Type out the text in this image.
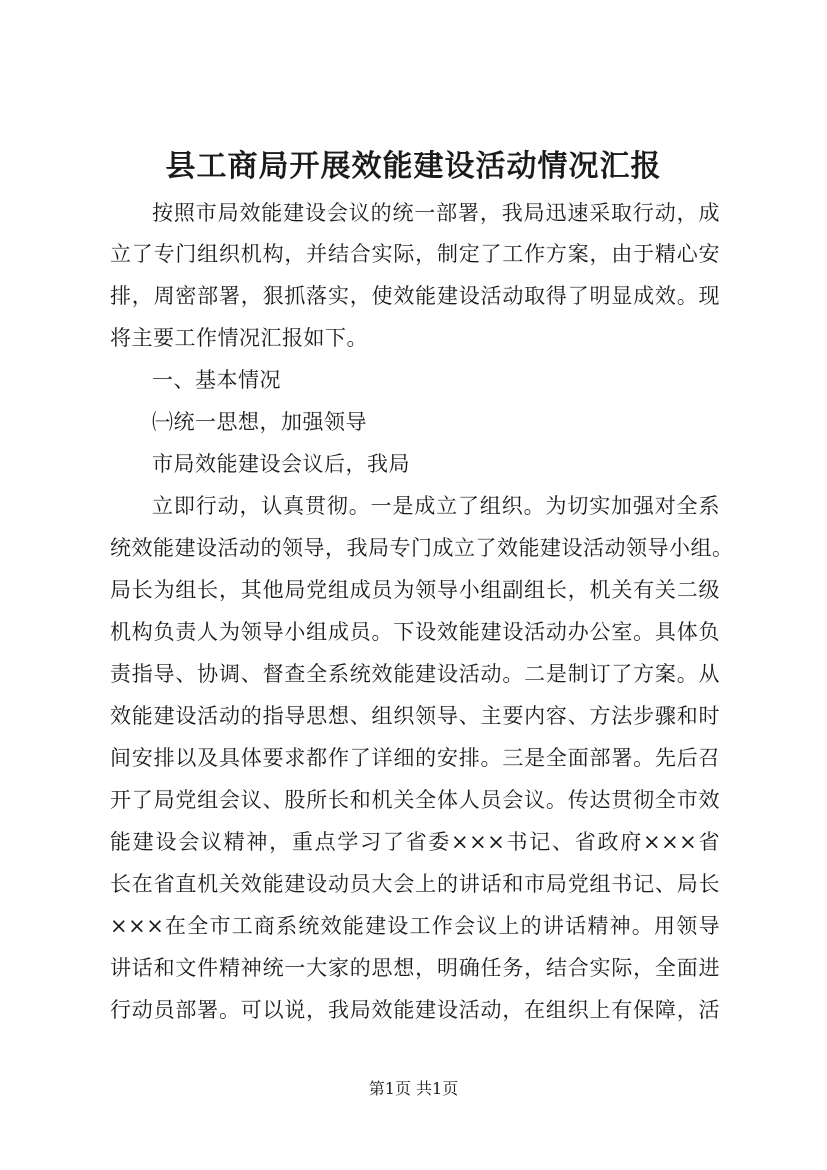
县工商局开展效能建设活动情况汇报

按照市局效能建设会议的统一部署，我局迅速采取行动，成

立了专门组织机构，并结合实际，制定了工作方案，由于精心安

排，周密部署，狠抓落实，使效能建设活动取得了明显成效。现

将主要工作情况汇报如下。

一、基本情况

㈠统一思想，加强领导

市局效能建设会议后，我局

立即行动，认真贯彻。一是成立了组织。为切实加强对全系

统效能建设活动的领导，我局专门成立了效能建设活动领导小组。

局长为组长，其他局党组成员为领导小组副组长，机关有关二级

机构负责人为领导小组成员。下设效能建设活动办公室。具体负

责指导、协调、督查全系统效能建设活动。二是制订了方案。从

效能建设活动的指导思想、组织领导、主要内容、方法步骤和时

间安排以及具体要求都作了详细的安排。三是全面部署。先后召

开了局党组会议、股所长和机关全体人员会议。传达贯彻全市效

能建设会议精神，重点学习了省委×××书记、省政府×××省

长在省直机关效能建设动员大会上的讲话和市局党组书记、局长

×××在全市工商系统效能建设工作会议上的讲话精神。用领导

讲话和文件精神统一大家的思想，明确任务，结合实际，全面进

行动员部署。可以说，我局效能建设活动，在组织上有保障，活

第1页 共1页
